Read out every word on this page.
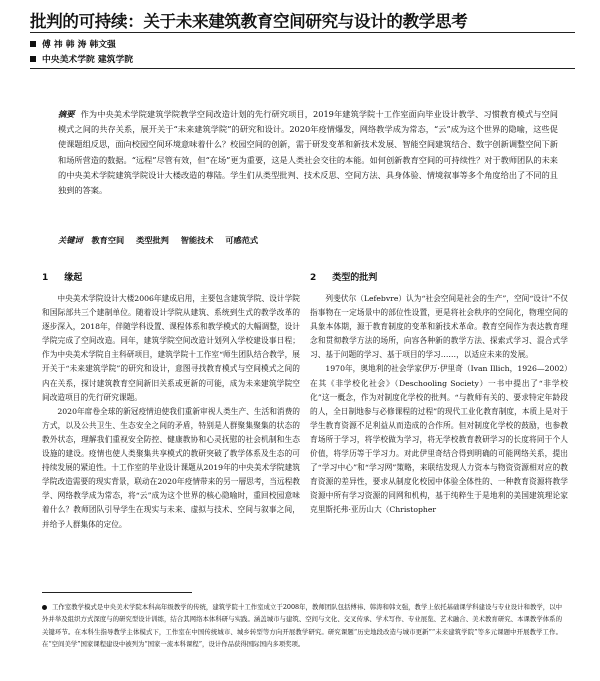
批判的可持续：关于未来建筑教育空间研究与设计的教学思考
傅 祎 韩 涛 韩文强
中央美术学院 建筑学院
摘要 作为中央美术学院建筑学院教学空间改造计划的先行研究项目，2019年建筑学院十工作室面向毕业设计教学、习惯教育模式与空间模式之间的共存关系，展开关于“未来建筑学院”的研究和设计。2020年疫情爆发，网络教学成为常态，“云”成为这个世界的隐喻，这些促使课题组反思，面向校园空间环境意味着什么？校园空间的创新，需于研发变革和新技术发展、智能空间建筑结合、数字创新调整空间下新和场所营造的数据。“远程”尽管有效，但“在场”更为重要，这是人类社会交往的本能。如何创新教育空间的可持续性？对于教师团队的未来的中央美术学院建筑学院设计大楼改造的尊陆。学生们从类型批判、技术反思、空间方法、具身体验、情境叙事等多个角度给出了不同的且独到的答案。
关键词 教育空间 类型批判 智能技术 可感范式
1 缘起

中央美术学院设计大楼2006年建成启用，主要包含建筑学院、设计学院和国际部共三个建制单位。随着设计学院从建筑、系统到生式的教学改革的逐步深入，2018年，伴随学科设置、课程体系和教学模式的大幅调整，设计学院完成了空间改造。同年，建筑学院空间改造计划列入学校建设事日程；作为中央美术学院自主科研项目，建筑学院十工作室“师生团队结合教学，展开关于“未来建筑学院”的研究和设计，意图寻找教育模式与空间模式之间的内在关系，探讨建筑教育空间新旧关系或更新的可能，成为未来建筑学院空间改造项目的先行研究课题。

2020年席卷全球的新冠疫情迫使我们重新审视人类生产、生活和消费的方式，以及公共卫生、生态安全之间的矛盾，特别是人群聚集聚集的状态的教外状态，理解我们重视安全防控、健康教协和心灵抚慰的社会机制和生态设施的建设。疫情也使人类聚集共享模式的教研突破了教学体系及生态的可持续发展的紧迫性。十工作室的毕业设计课题从2019年的中央美术学院建筑学院改造需要的现实背景，联动在2020年疫情带来的另一層思考，当远程教学、网络教学成为常态，将“云”成为这个世界的核心隐喻时，重回校园意味着什么？教师团队引导学生在现实与未来、虚拟与技术、空间与叙事之间，并给予人群集体的定位。

2 类型的批判

列斐伏尔（Lefebvre）认为“社会空间是社会的生产”，空间“设计”不仅指事物在一定场景中的部位性设置，更是将社会秩序的空间化，物理空间的具象本体期，源于教育制度的变革和新技术革命。教育空间作为表达教育理念和贯彻教学方法的场所，向容各种新的教学方法、探索式学习、混合式学习、基于问题的学习、基于项目的学习……，以适应未来的发展。

1970年，奥地利的社会学家伊万·伊里奇（Ivan Illich，1926—2002）在其《非学校化社会》（Deschooling Society）一书中提出了“非学校化”这一概念，作为对制度化学校的批判。“与教师有关的、要求特定年龄段的人，全日制地参与必修课程的过程”的现代工业化教育制度，本质上是对于学生教育资源不足利益从而造成的合作所。但对制度化学校的鼓励，也参教育场所于学习，将学校做为学习，将无学校教育教研学习的长度将同于个人价值，将学历等于学习力。对此伊里奇结合得到明确的可能网络关系，提出了“学习中心”和“学习网”策略，来联结发现人力资本与物资资源相对应的教育资源的差异性，要求从制度化校园中体验全体性的、一种教育资源将教学资源中所有学习资源的同网和机构，基于纯粹生于是地利的美国建筑理论家克里斯托弗·亚历山大（Christopher

工作室教学模式是中央美术学院本科高年级教学的传统，建筑学院十工作室成立于2008年，教师团队包括傅祎、韩涛和韩文强，教学上依托基础课学科建设与专业设计和教学，以中外并举及组织方式深度与的研究型设计训练，结合其网络本体科研与实践。涵盖城市与建筑、空间与文化、交叉传承、学术写作、专业展览、艺术融合、美术教育研究、本课教学体系的关键环节。在本科生指导教学主体模式下，工作室在中国传统城市、城乡转型等方向开展教学研究。研究课题“历史地段改造与城市更新”“未来建筑学院”等多元课题中开展教学工作。在“空间美学”国家课程建设中被列为“国家一流本科课程”，设计作品获得国际国内多项奖项。
